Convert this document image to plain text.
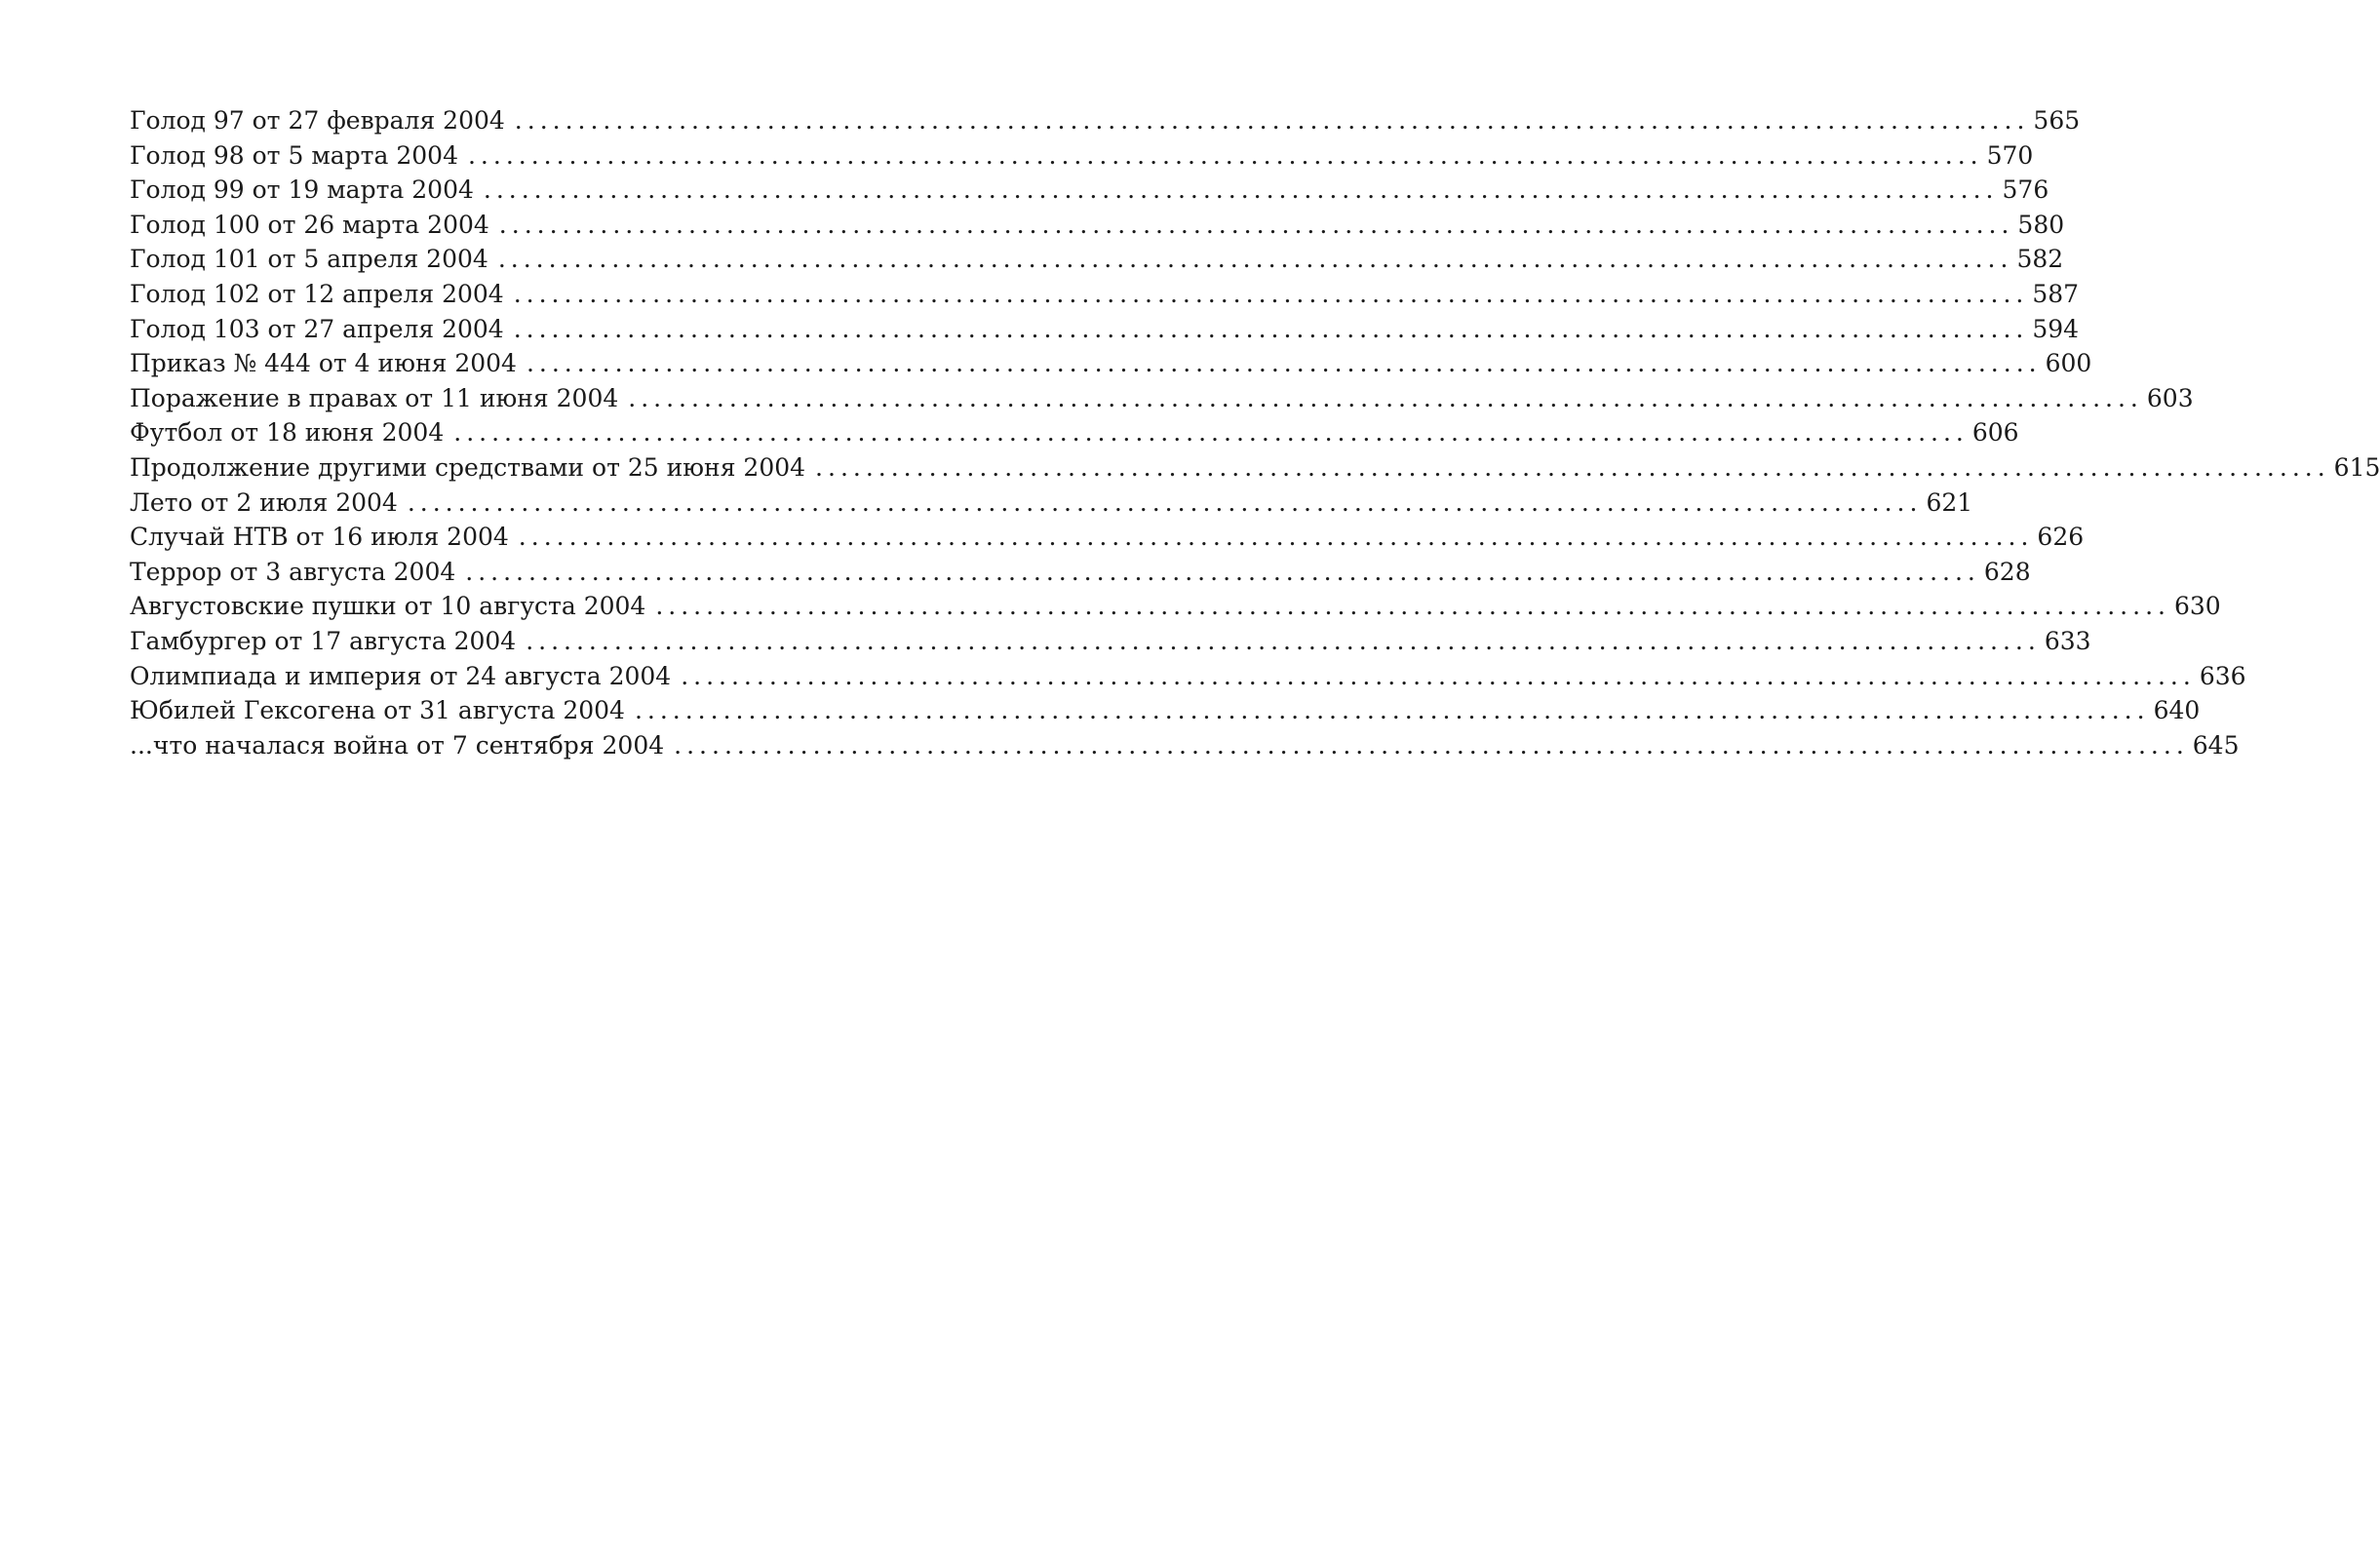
Голод 97 от 27 февраля 2004 ........................................................................................................................ 565
Голод 98 от 5 марта 2004 ........................................................................................................................ 570
Голод 99 от 19 марта 2004 ........................................................................................................................ 576
Голод 100 от 26 марта 2004 ........................................................................................................................ 580
Голод 101 от 5 апреля 2004 ........................................................................................................................ 582
Голод 102 от 12 апреля 2004 ........................................................................................................................ 587
Голод 103 от 27 апреля 2004 ........................................................................................................................ 594
Приказ № 444 от 4 июня 2004 ........................................................................................................................ 600
Поражение в правах от 11 июня 2004 ........................................................................................................................ 603
Футбол от 18 июня 2004 ........................................................................................................................ 606
Продолжение другими средствами от 25 июня 2004 ........................................................................................................................ 615
Лето от 2 июля 2004 ........................................................................................................................ 621
Случай НТВ от 16 июля 2004 ........................................................................................................................ 626
Террор от 3 августа 2004 ........................................................................................................................ 628
Августовские пушки от 10 августа 2004 ........................................................................................................................ 630
Гамбургер от 17 августа 2004 ........................................................................................................................ 633
Олимпиада и империя от 24 августа 2004 ........................................................................................................................ 636
Юбилей Гексогена от 31 августа 2004 ........................................................................................................................ 640
...что началася война от 7 сентября 2004 ........................................................................................................................ 645
